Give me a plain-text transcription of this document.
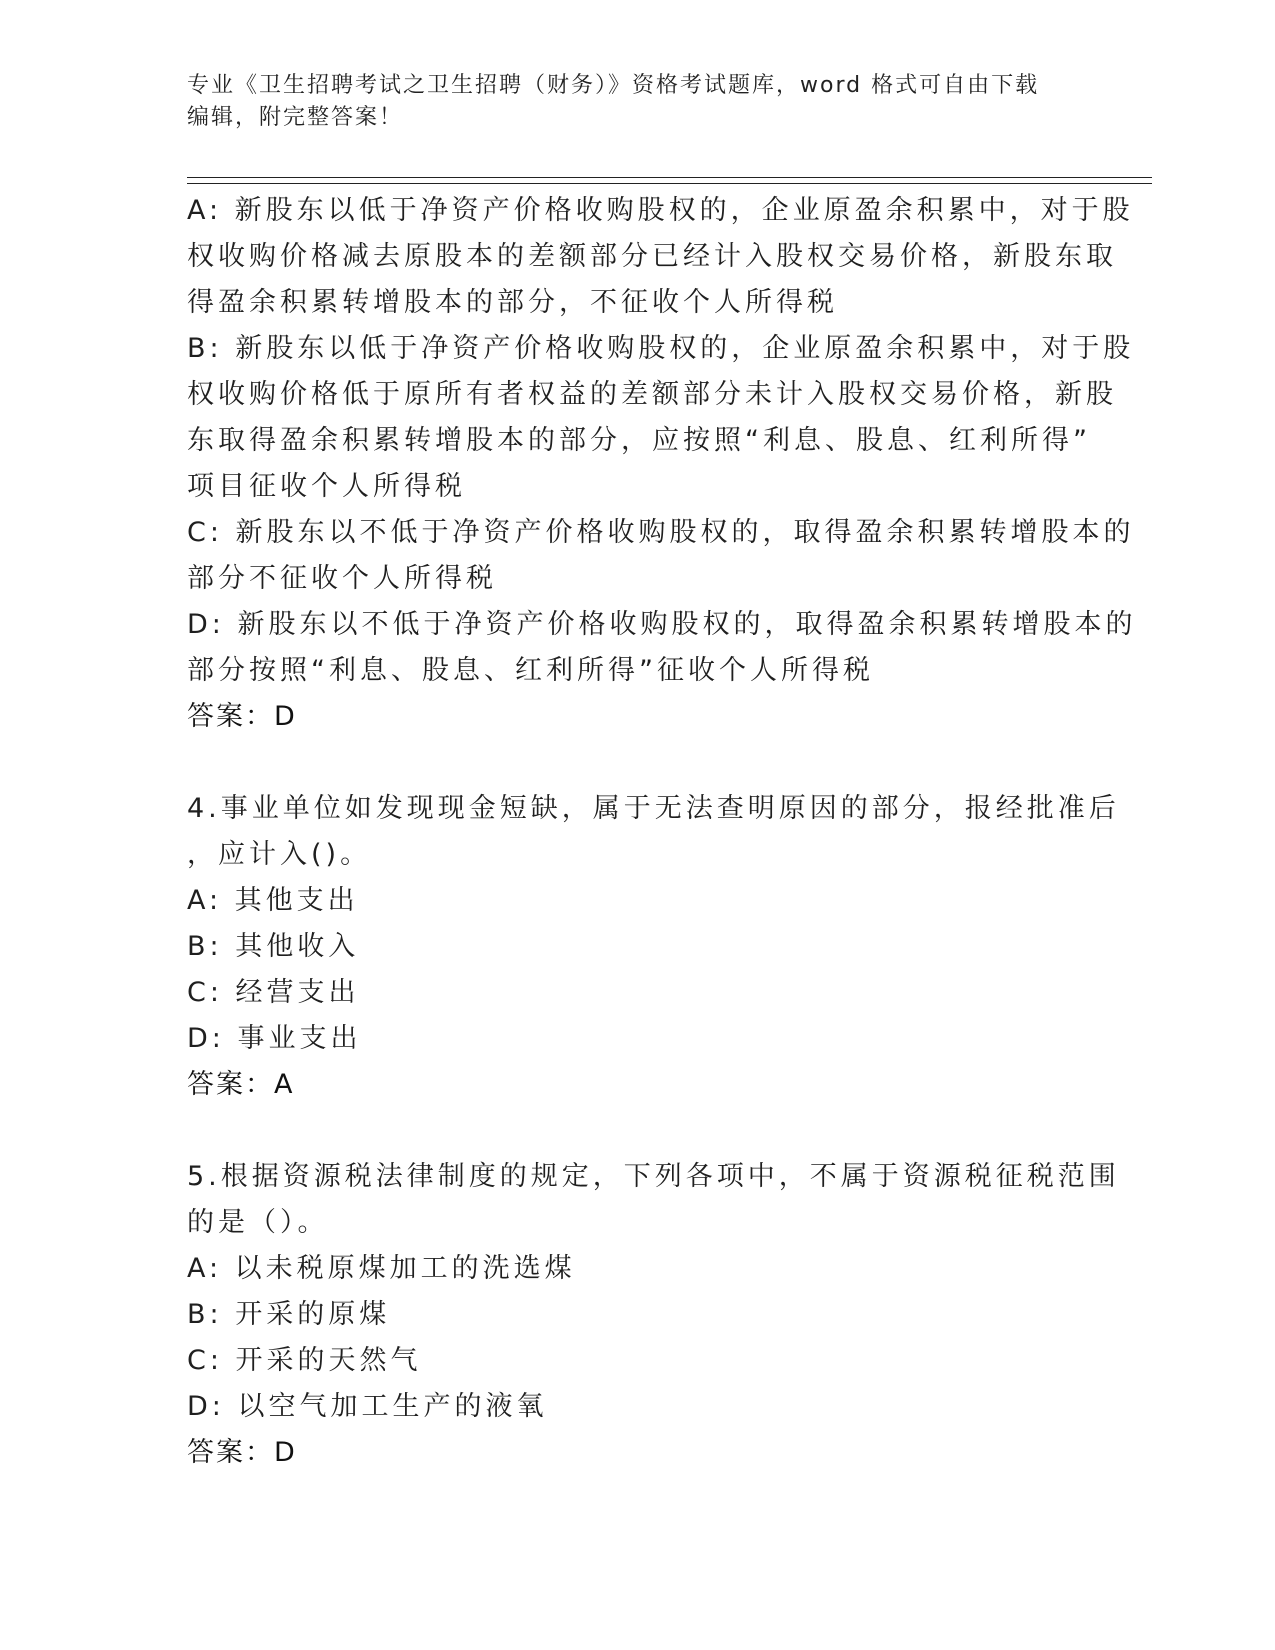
专业《卫生招聘考试之卫生招聘（财务）》资格考试题库，word 格式可自由下载
编辑，附完整答案！
A: 新股东以低于净资产价格收购股权的，企业原盈余积累中，对于股
权收购价格减去原股本的差额部分已经计入股权交易价格，新股东取
得盈余积累转增股本的部分，不征收个人所得税
B: 新股东以低于净资产价格收购股权的，企业原盈余积累中，对于股
权收购价格低于原所有者权益的差额部分未计入股权交易价格，新股
东取得盈余积累转增股本的部分，应按照“利息、股息、红利所得”
项目征收个人所得税
C: 新股东以不低于净资产价格收购股权的，取得盈余积累转增股本的
部分不征收个人所得税
D: 新股东以不低于净资产价格收购股权的，取得盈余积累转增股本的
部分按照“利息、股息、红利所得”征收个人所得税
答案：D
4.事业单位如发现现金短缺，属于无法查明原因的部分，报经批准后
，应计入()。
A: 其他支出
B: 其他收入
C: 经营支出
D: 事业支出
答案：A
5.根据资源税法律制度的规定，下列各项中，不属于资源税征税范围
的是（）。
A: 以未税原煤加工的洗选煤
B: 开采的原煤
C: 开采的天然气
D: 以空气加工生产的液氧
答案：D
